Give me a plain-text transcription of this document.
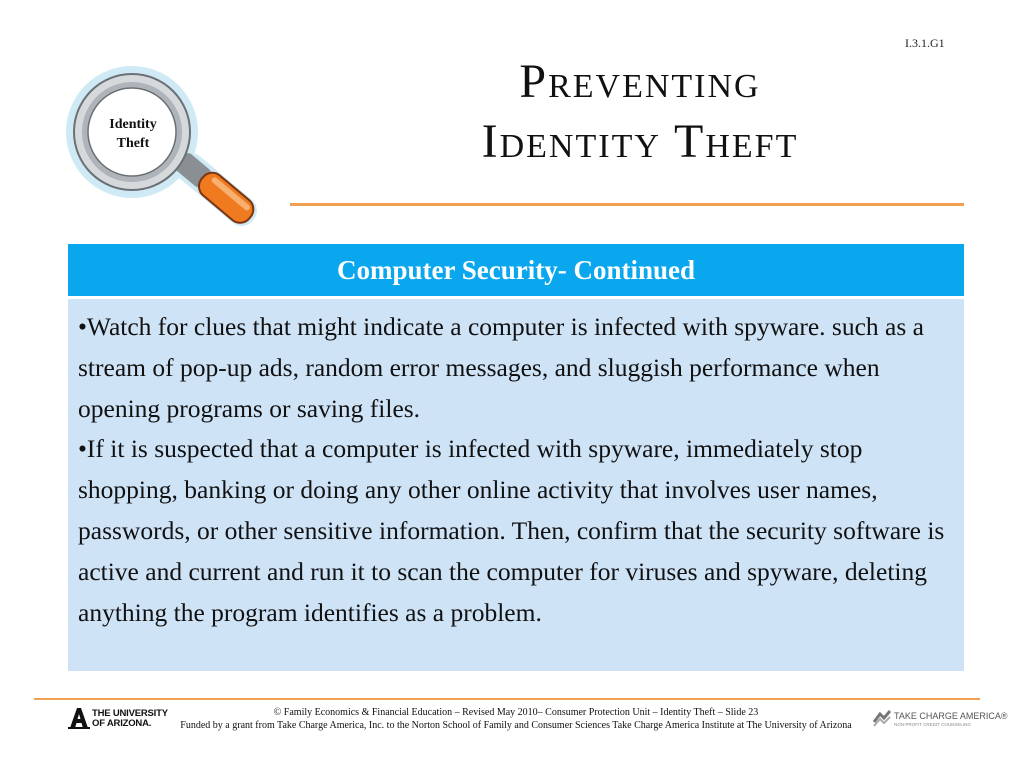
I.3.1.G1
Preventing
Identity Theft
Identity
Theft
Computer Security- Continued

•Watch for clues that might indicate a computer is infected with spyware. such as a stream of pop-up ads, random error messages, and sluggish performance when opening programs or saving files.

•If it is suspected that a computer is infected with spyware, immediately stop shopping, banking or doing any other online activity that involves user names, passwords, or other sensitive information. Then, confirm that the security software is active and current and run it to scan the computer for viruses and spyware, deleting anything the program identifies as a problem.

THE UNIVERSITY
OF ARIZONA.
© Family Economics & Financial Education – Revised May 2010– Consumer Protection Unit – Identity Theft – Slide 23
Funded by a grant from Take Charge America, Inc. to the Norton School of Family and Consumer Sciences Take Charge America Institute at The University of Arizona
TAKE CHARGE AMERICA®
NON-PROFIT CREDIT COUNSELING
